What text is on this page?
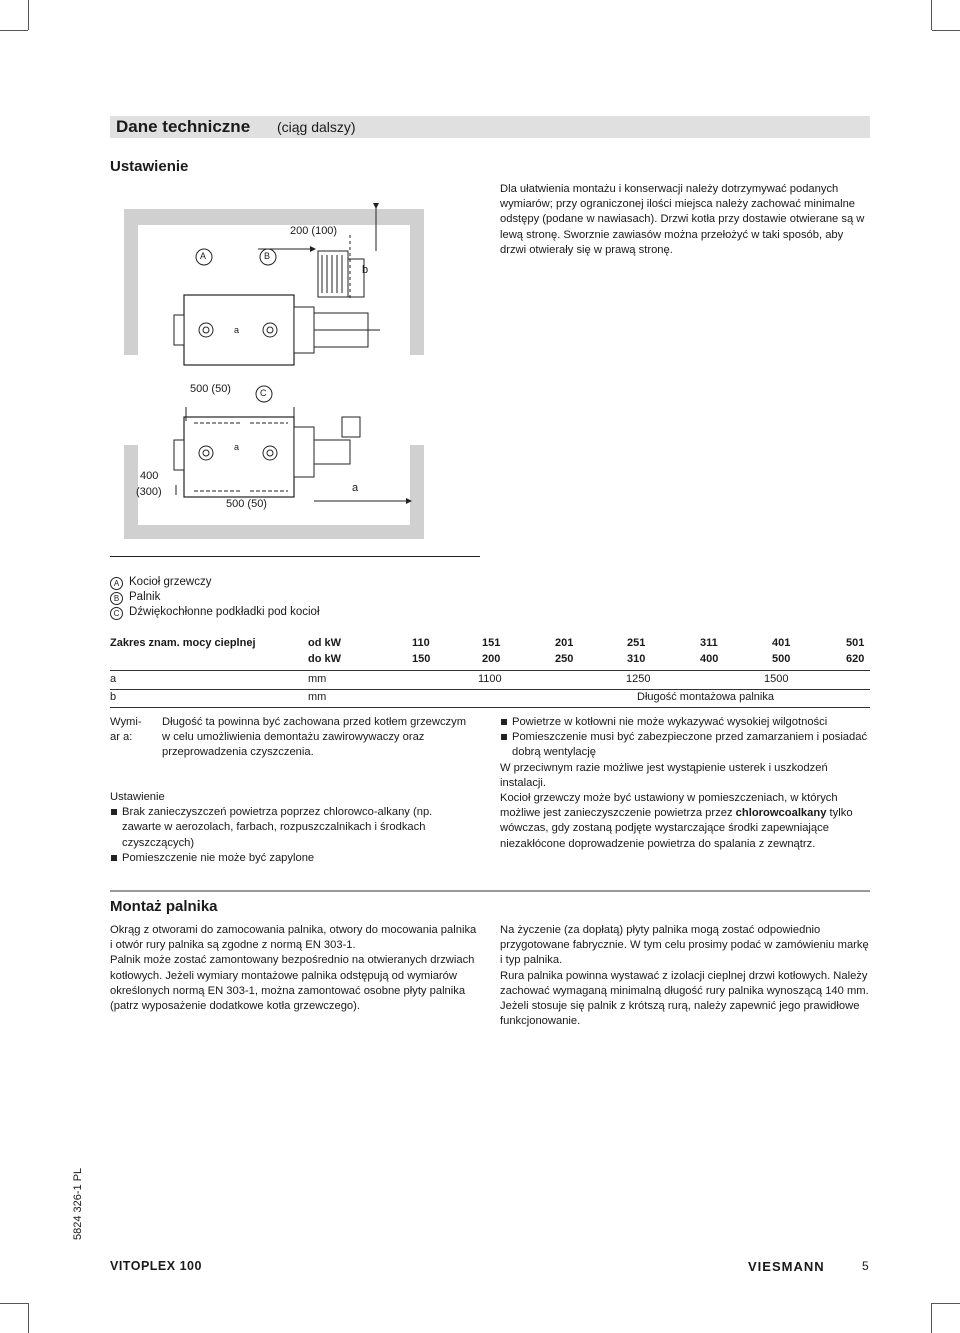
Dane techniczne (ciąg dalszy)
Ustawienie
Dla ułatwienia montażu i konserwacji należy dotrzymywać podanych wymiarów; przy ograniczonej ilości miejsca należy zachować minimalne odstępy (podane w nawiasach). Drzwi kotła przy dostawie otwierane są w lewą stronę. Sworznie zawiasów można przełożyć w taki sposób, aby drzwi otwierały się w prawą stronę.
A	B
C
200 (100)
b
500 (50)
400
(300)
500 (50)
a
a
a
A Kocioł grzewczy
B Palnik
C Dźwiękochłonne podkładki pod kocioł
Zakres znam. mocy cieplnej	od kW	110	151	201	251	311	401	501
do kW	150	200	250	310	400	500	620
a	mm	1100	1250	1500
b	mm	Długość montażowa palnika

Wymi-

ar a:

Długość ta powinna być zachowana przed kotłem grzewczym w celu umożliwienia demontażu zawirowywaczy oraz przeprowadzenia czyszczenia.

Ustawienie

Brak zanieczyszczeń powietrza poprzez chlorowco-alkany (np. zawarte w aerozolach, farbach, rozpuszczalnikach i środkach czyszczących)

Pomieszczenie nie może być zapylone

Powietrze w kotłowni nie może wykazywać wysokiej wilgotności

Pomieszczenie musi być zabezpieczone przed zamarzaniem i posiadać dobrą wentylację

W przeciwnym razie możliwe jest wystąpienie usterek i uszkodzeń instalacji.

Kocioł grzewczy może być ustawiony w pomieszczeniach, w których możliwe jest zanieczyszczenie powietrza przez chlorowcoalkany tylko wówczas, gdy zostaną podjęte wystarczające środki zapewniające niezakłócone doprowadzenie powietrza do spalania z zewnątrz.

Montaż palnika

Okrąg z otworami do zamocowania palnika, otwory do mocowania palnika i otwór rury palnika są zgodne z normą EN 303-1.

Palnik może zostać zamontowany bezpośrednio na otwieranych drzwiach kotłowych. Jeżeli wymiary montażowe palnika odstępują od wymiarów określonych normą EN 303-1, można zamontować osobne płyty palnika (patrz wyposażenie dodatkowe kotła grzewczego).

Na życzenie (za dopłatą) płyty palnika mogą zostać odpowiednio przygotowane fabrycznie. W tym celu prosimy podać w zamówieniu markę i typ palnika.

Rura palnika powinna wystawać z izolacji cieplnej drzwi kotłowych. Należy zachować wymaganą minimalną długość rury palnika wynoszącą 140 mm.

Jeżeli stosuje się palnik z krótszą rurą, należy zapewnić jego prawidłowe funkcjonowanie.

5824 326-1 PL
VITOPLEX 100	VIESMANN	5
